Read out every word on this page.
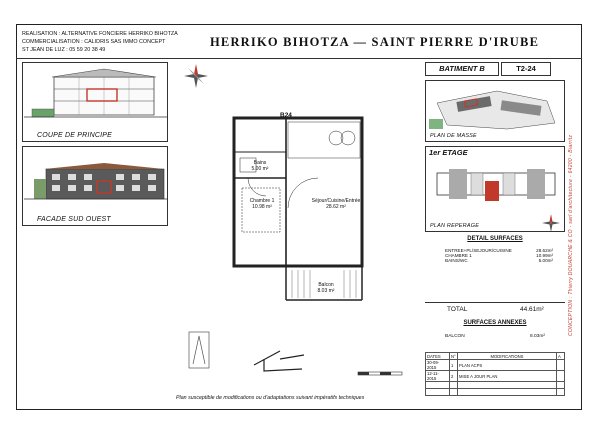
REALISATION : ALTERNATIVE FONCIERE HERRIKO BIHOTZA
COMMERCIALISATION : CALIDRIS SAS IMMO CONCEPT
ST JEAN DE LUZ : 05 59 20 38 49
HERRIKO BIHOTZA — SAINT PIERRE D'IRUBE
COUPE DE PRINCIPE
FACADE SUD OUEST
B24
Séjour/Cuisine/Entrée
28.62 m²
Chambre 1
10.98 m²
Bains
5.00 m²
Balcon
8.03 m²
Plan susceptible de modifications ou d'adaptations suivant impératifs techniques
BATIMENT B	T2-24
PLAN DE MASSE
1er ETAGE
PLAN REPERAGE
DETAIL SURFACES
ENTREE+PL/SEJOUR/CUISINE	28.62m²
CHAMBRE 1	10.99m²
BAINS/WC	5.00m²
TOTAL	44.61m²
SURFACES ANNEXES
BALCON	8.03m²
DATES	N°	MODIFICATIONS	A
30-09-2015	1	PLAN ACPS	
12-11-2015	2	MISE A JOUR PLAN	

CONCEPTION : Thierry DOUARCHE & CO - sarl d'architecture - 64200 - Biarritz
